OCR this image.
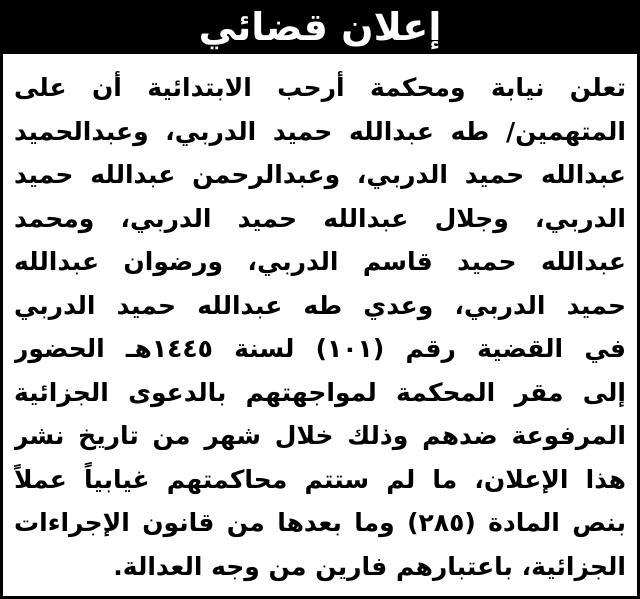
إعلان قضائي
تعلن نيابة ومحكمة أرحب الابتدائية أن على
المتهمين/ طه عبدالله حميد الدربي، وعبدالحميد
عبدالله حميد الدربي، وعبدالرحمن عبدالله حميد
الدربي، وجلال عبدالله حميد الدربي، ومحمد
عبدالله حميد قاسم الدربي، ورضوان عبدالله
حميد الدربي، وعدي طه عبدالله حميد الدربي
في القضية رقم (١٠١) لسنة ١٤٤٥هـ الحضور
إلى مقر المحكمة لمواجهتهم بالدعوى الجزائية
المرفوعة ضدهم وذلك خلال شهر من تاريخ نشر
هذا الإعلان، ما لم ستتم محاكمتهم غيابياً عملاً
بنص المادة (٢٨٥) وما بعدها من قانون الإجراءات
الجزائية، باعتبارهم فارين من وجه العدالة.
